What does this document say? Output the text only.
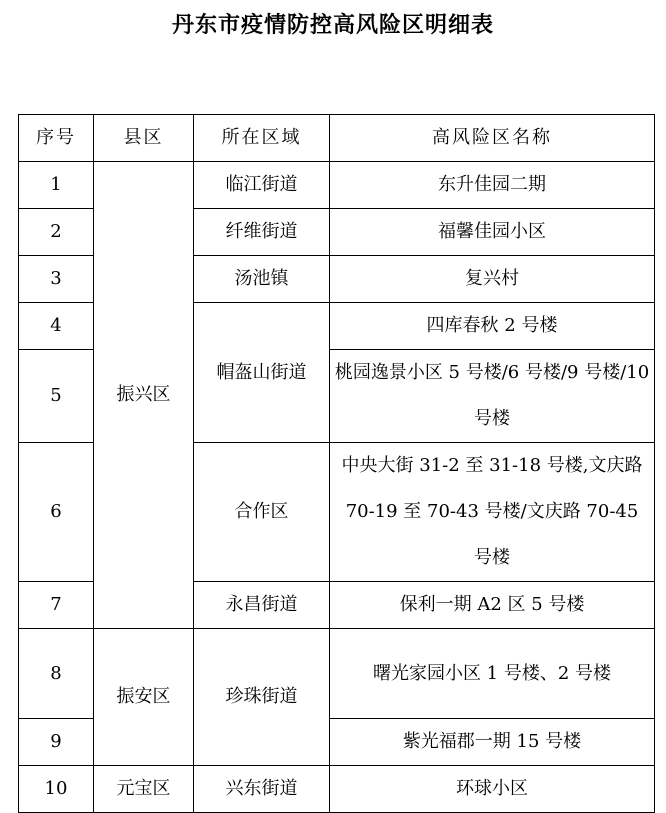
丹东市疫情防控高风险区明细表
序号	县区	所在区域	高风险区名称
1	振兴区	临江街道	东升佳园二期
2		纤维街道	福馨佳园小区
3		汤池镇	复兴村
4		帽盔山街道	四库春秋 2 号楼
5			桃园逸景小区 5 号楼/6 号楼/9 号楼/10 号楼
6		合作区	中央大街 31-2 至 31-18 号楼,文庆路 70-19 至 70-43 号楼/文庆路 70-45 号楼
7		永昌街道	保利一期 A2 区 5 号楼
8	振安区	珍珠街道	曙光家园小区 1 号楼、2 号楼
9			紫光福郡一期 15 号楼
10	元宝区	兴东街道	环球小区
